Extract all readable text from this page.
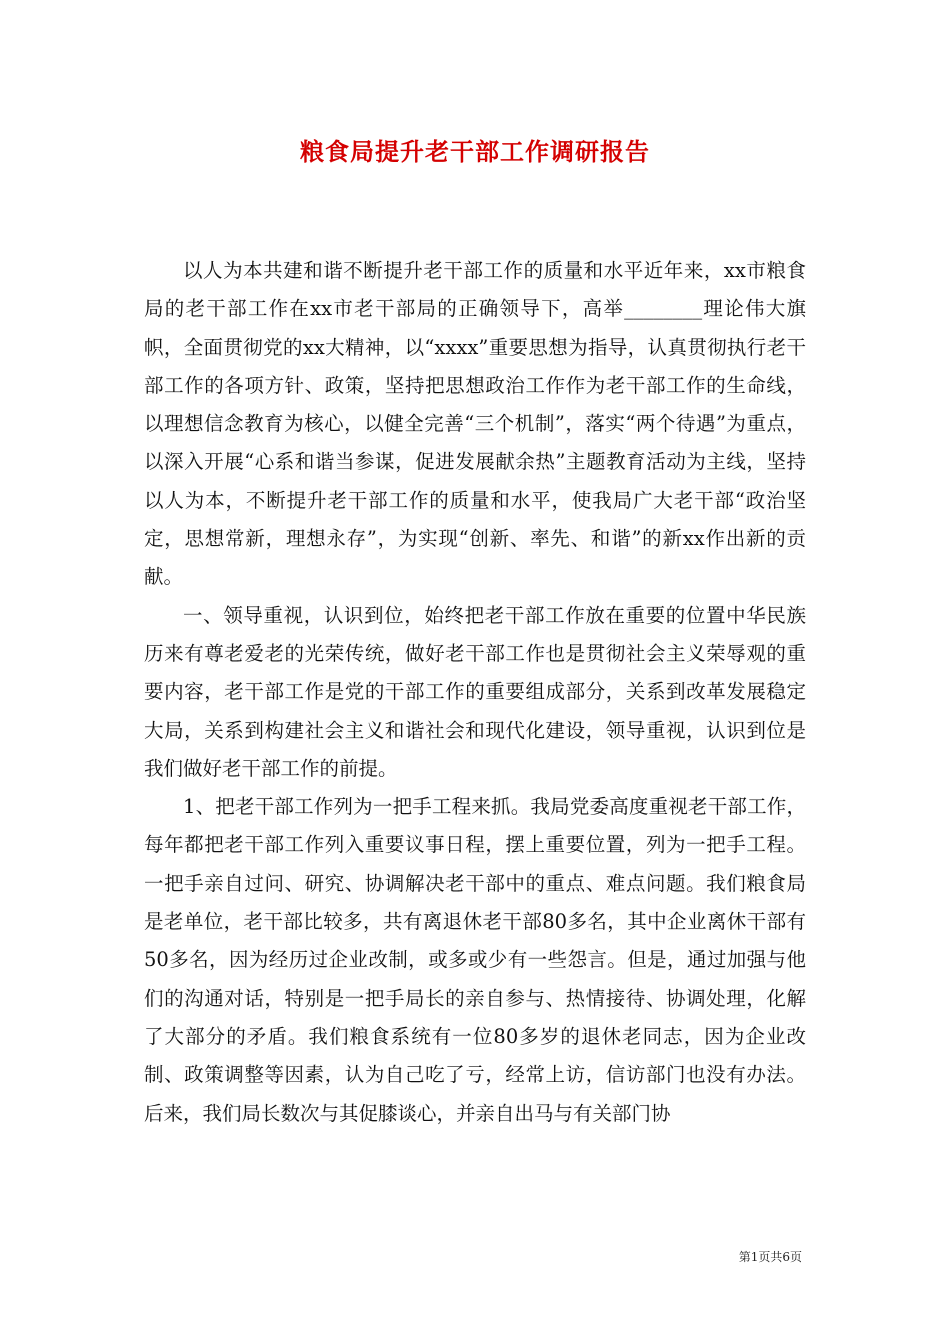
粮食局提升老干部工作调研报告

以人为本共建和谐不断提升老干部工作的质量和水平近年来，xx市粮食局的老干部工作在xx市老干部局的正确领导下，高举________理论伟大旗帜，全面贯彻党的xx大精神，以“xxxx”重要思想为指导，认真贯彻执行老干部工作的各项方针、政策，坚持把思想政治工作作为老干部工作的生命线，以理想信念教育为核心，以健全完善“三个机制”，落实“两个待遇”为重点，以深入开展“心系和谐当参谋，促进发展献余热”主题教育活动为主线，坚持以人为本，不断提升老干部工作的质量和水平，使我局广大老干部“政治坚定，思想常新，理想永存”，为实现“创新、率先、和谐”的新xx作出新的贡献。

一、领导重视，认识到位，始终把老干部工作放在重要的位置中华民族历来有尊老爱老的光荣传统，做好老干部工作也是贯彻社会主义荣辱观的重要内容，老干部工作是党的干部工作的重要组成部分，关系到改革发展稳定大局，关系到构建社会主义和谐社会和现代化建设，领导重视，认识到位是我们做好老干部工作的前提。

1、把老干部工作列为一把手工程来抓。我局党委高度重视老干部工作，每年都把老干部工作列入重要议事日程，摆上重要位置，列为一把手工程。一把手亲自过问、研究、协调解决老干部中的重点、难点问题。我们粮食局是老单位，老干部比较多，共有离退休老干部80多名，其中企业离休干部有50多名，因为经历过企业改制，或多或少有一些怨言。但是，通过加强与他们的沟通对话，特别是一把手局长的亲自参与、热情接待、协调处理，化解了大部分的矛盾。我们粮食系统有一位80多岁的退休老同志，因为企业改制、政策调整等因素，认为自己吃了亏，经常上访，信访部门也没有办法。后来，我们局长数次与其促膝谈心，并亲自出马与有关部门协

第1页共6页
